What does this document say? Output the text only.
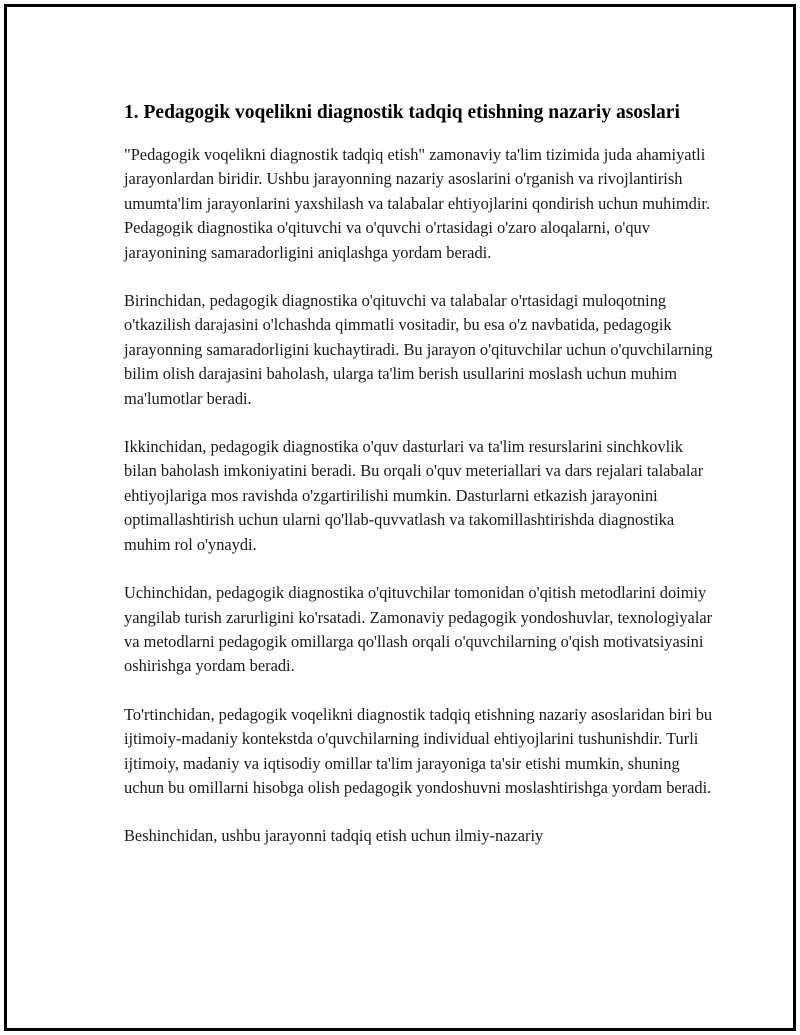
1. Pedagogik voqelikni diagnostik tadqiq etishning nazariy asoslari

"Pedagogik voqelikni diagnostik tadqiq etish" zamonaviy ta'lim tizimida juda ahamiyatli jarayonlardan biridir. Ushbu jarayonning nazariy asoslarini o'rganish va rivojlantirish umumta'lim jarayonlarini yaxshilash va talabalar ehtiyojlarini qondirish uchun muhimdir. Pedagogik diagnostika o'qituvchi va o'quvchi o'rtasidagi o'zaro aloqalarni, o'quv jarayonining samaradorligini aniqlashga yordam beradi.

Birinchidan, pedagogik diagnostika o'qituvchi va talabalar o'rtasidagi muloqotning o'tkazilish darajasini o'lchashda qimmatli vositadir, bu esa o'z navbatida, pedagogik jarayonning samaradorligini kuchaytiradi. Bu jarayon o'qituvchilar uchun o'quvchilarning bilim olish darajasini baholash, ularga ta'lim berish usullarini moslash uchun muhim ma'lumotlar beradi.

Ikkinchidan, pedagogik diagnostika o'quv dasturlari va ta'lim resurslarini sinchkovlik bilan baholash imkoniyatini beradi. Bu orqali o'quv meteriallari va dars rejalari talabalar ehtiyojlariga mos ravishda o'zgartirilishi mumkin. Dasturlarni etkazish jarayonini optimallashtirish uchun ularni qo'llab-quvvatlash va takomillashtirishda diagnostika muhim rol o'ynaydi.

Uchinchidan, pedagogik diagnostika o'qituvchilar tomonidan o'qitish metodlarini doimiy yangilab turish zarurligini ko'rsatadi. Zamonaviy pedagogik yondoshuvlar, texnologiyalar va metodlarni pedagogik omillarga qo'llash orqali o'quvchilarning o'qish motivatsiyasini oshirishga yordam beradi.

To'rtinchidan, pedagogik voqelikni diagnostik tadqiq etishning nazariy asoslaridan biri bu ijtimoiy-madaniy kontekstda o'quvchilarning individual ehtiyojlarini tushunishdir. Turli ijtimoiy, madaniy va iqtisodiy omillar ta'lim jarayoniga ta'sir etishi mumkin, shuning uchun bu omillarni hisobga olish pedagogik yondoshuvni moslashtirishga yordam beradi.

Beshinchidan, ushbu jarayonni tadqiq etish uchun ilmiy-nazariy
